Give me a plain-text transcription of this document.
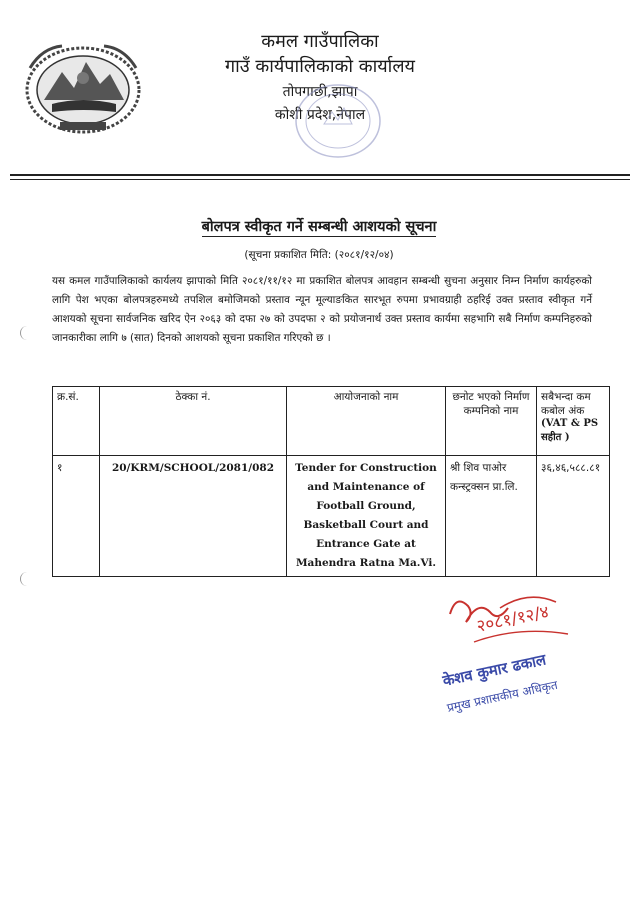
कमल गाउँपालिका
गाउँ कार्यपालिकाको कार्यालय
तोपगाछी,झापा
कोशी प्रदेश,नेपाल
बोलपत्र स्वीकृत गर्ने सम्बन्धी आशयको सूचना
(सूचना प्रकाशित मिति: (२०८१/१२/०४)
यस कमल गाउँपालिकाको कार्यलय झापाको मिति २०८१/११/१२ मा प्रकाशित बोलपत्र आवहान सम्बन्धी सुचना अनुसार निम्न निर्माण कार्यहरुको लागि पेश भएका बोलपत्रहरुमध्ये तपशिल बमोजिमको प्रस्ताव न्यून मूल्याङकित सारभूत रुपमा प्रभावग्राही ठहरिई उक्त प्रस्ताव स्वीकृत गर्ने आशयको सूचना सार्वजनिक खरिद ऐन २०६३ को दफा २७ को उपदफा २ को प्रयोजनार्थ उक्त प्रस्ताव कार्यमा सहभागि सबै निर्माण कम्पनिहरुको जानकारीका लागि ७ (सात) दिनको आशयको सूचना प्रकाशित गरिएको छ ।
क्र.सं.	ठेक्का नं.	आयोजनाको नाम	छनोट भएको निर्माण कम्पनिको नाम	सबैभन्दा कम कबोल अंक
(VAT & PS सहीत )

१	20/KRM/SCHOOL/2081/082	Tender for Construction and Maintenance of Football Ground, Basketball Court and Entrance Gate at Mahendra Ratna Ma.Vi.	श्री शिव पाओर कन्स्ट्रक्सन प्रा.लि.	३६,४६,५८८.८१
२०८१/१२/४
केशव कुमार ढकाल
प्रमुख प्रशासकीय अधिकृत
